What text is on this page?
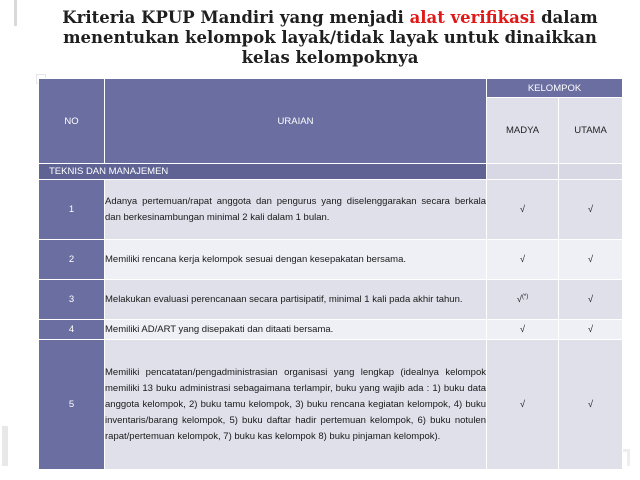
Kriteria KPUP Mandiri yang menjadi alat verifikasi dalam menentukan kelompok layak/tidak layak untuk dinaikkan kelas kelompoknya
NO	URAIAN	KELOMPOK	
		MADYA	UTAMA
TEKNIS DAN MANAJEMEN			
1	Adanya pertemuan/rapat anggota dan pengurus yang diselenggarakan secara berkala dan berkesinambungan minimal 2 kali dalam 1 bulan.	√	√
2	Memiliki rencana kerja kelompok sesuai dengan kesepakatan bersama.	√	√
3	Melakukan evaluasi perencanaan secara partisipatif, minimal 1 kali pada akhir tahun.	√(*)	√
4	Memiliki AD/ART yang disepakati dan ditaati bersama.	√	√
5	Memiliki pencatatan/pengadministrasian organisasi yang lengkap (idealnya kelompok memiliki 13 buku administrasi sebagaimana terlampir, buku yang wajib ada : 1) buku data anggota kelompok, 2) buku tamu kelompok, 3) buku rencana kegiatan kelompok, 4) buku inventaris/barang kelompok, 5) buku daftar hadir pertemuan kelompok, 6) buku notulen rapat/pertemuan kelompok, 7) buku kas kelompok 8) buku pinjaman kelompok).	√	√
